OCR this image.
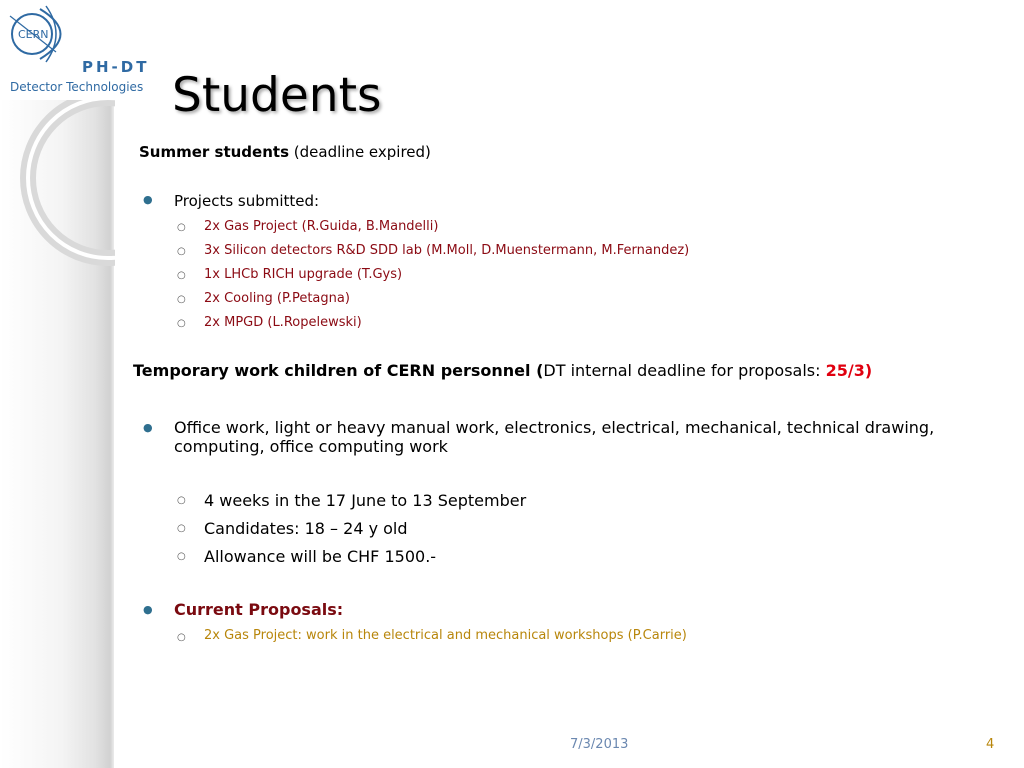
CERN
PH-DT
Detector Technologies Students
Summer students (deadline expired)
● Projects submitted:
○ 2x Gas Project (R.Guida, B.Mandelli)
○ 3x Silicon detectors R&D SDD lab (M.Moll, D.Muenstermann, M.Fernandez)
○ 1x LHCb RICH upgrade (T.Gys)
○ 2x Cooling (P.Petagna)
○ 2x MPGD (L.Ropelewski)
Temporary work children of CERN personnel (DT internal deadline for proposals: 25/3)
● Office work, light or heavy manual work, electronics, electrical, mechanical, technical drawing,
computing, office computing work
○ 4 weeks in the 17 June to 13 September
○ Candidates: 18 – 24 y old
○ Allowance will be CHF 1500.-
● Current Proposals:
○ 2x Gas Project: work in the electrical and mechanical workshops (P.Carrie)
7/3/2013	4
